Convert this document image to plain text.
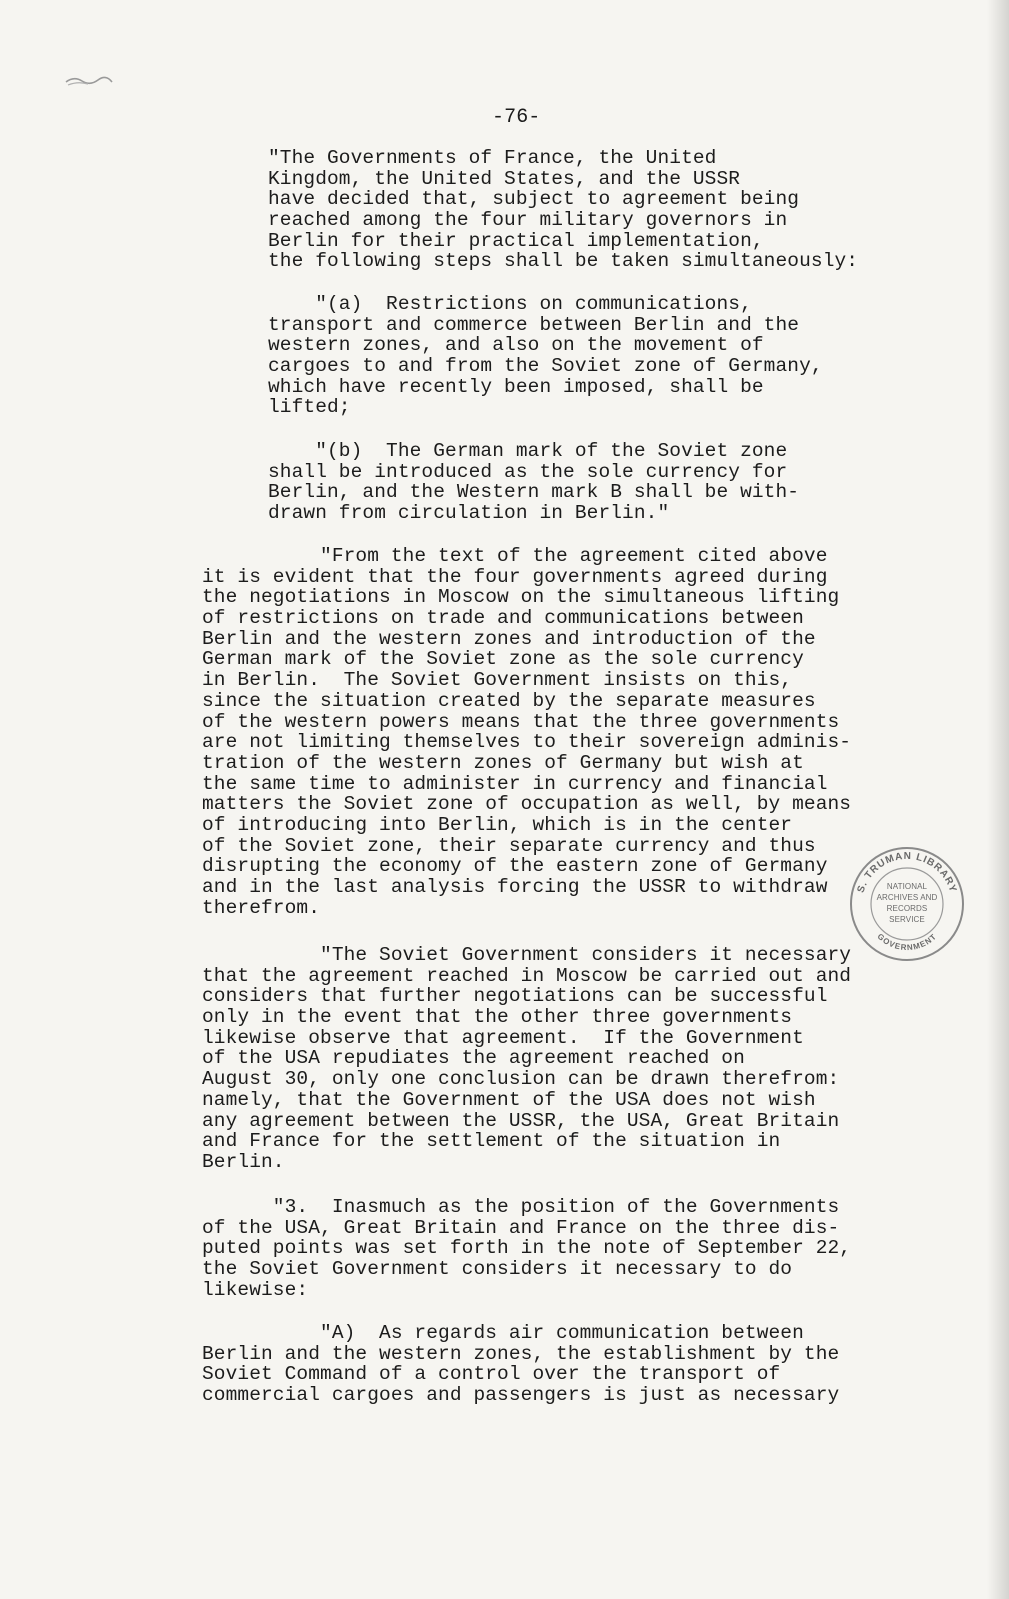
-76-
"The Governments of France, the United
Kingdom, the United States, and the USSR
have decided that, subject to agreement being
reached among the four military governors in
Berlin for their practical implementation,
the following steps shall be taken simultaneously:
"(a)  Restrictions on communications,
transport and commerce between Berlin and the
western zones, and also on the movement of
cargoes to and from the Soviet zone of Germany,
which have recently been imposed, shall be
lifted;
"(b)  The German mark of the Soviet zone
shall be introduced as the sole currency for
Berlin, and the Western mark B shall be with-
drawn from circulation in Berlin."
"From the text of the agreement cited above
it is evident that the four governments agreed during
the negotiations in Moscow on the simultaneous lifting
of restrictions on trade and communications between
Berlin and the western zones and introduction of the
German mark of the Soviet zone as the sole currency
in Berlin.  The Soviet Government insists on this,
since the situation created by the separate measures
of the western powers means that the three governments
are not limiting themselves to their sovereign adminis-
tration of the western zones of Germany but wish at
the same time to administer in currency and financial
matters the Soviet zone of occupation as well, by means
of introducing into Berlin, which is in the center
of the Soviet zone, their separate currency and thus
disrupting the economy of the eastern zone of Germany
and in the last analysis forcing the USSR to withdraw
therefrom.
"The Soviet Government considers it necessary
that the agreement reached in Moscow be carried out and
considers that further negotiations can be successful
only in the event that the other three governments
likewise observe that agreement.  If the Government
of the USA repudiates the agreement reached on
August 30, only one conclusion can be drawn therefrom:
namely, that the Government of the USA does not wish
any agreement between the USSR, the USA, Great Britain
and France for the settlement of the situation in
Berlin.
"3.  Inasmuch as the position of the Governments
of the USA, Great Britain and France on the three dis-
puted points was set forth in the note of September 22,
the Soviet Government considers it necessary to do
likewise:
"A)  As regards air communication between
Berlin and the western zones, the establishment by the
Soviet Command of a control over the transport of
commercial cargoes and passengers is just as necessary
S. TRUMAN LIBRARY
GOVERNMENT
NATIONAL
ARCHIVES AND
RECORDS
SERVICE
